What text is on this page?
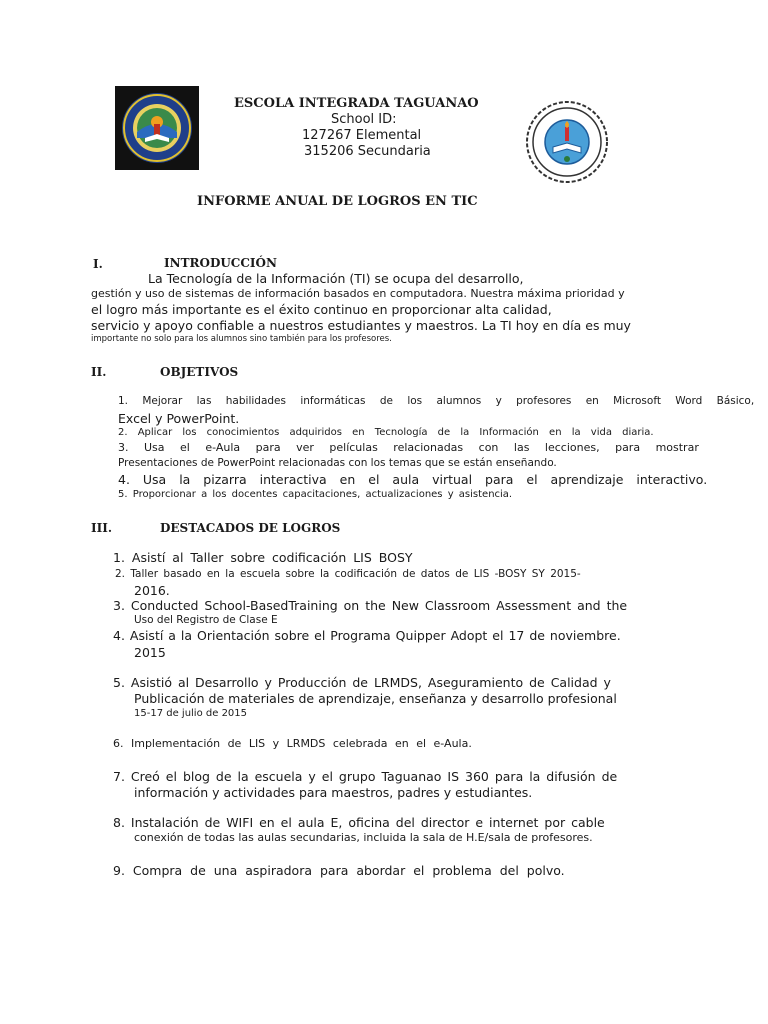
ESCOLA INTEGRADA TAGUANAO
School ID:
127267 Elemental
315206 Secundaria
INFORME ANUAL DE LOGROS EN TIC
I.	INTRODUCCIÓN
La Tecnología de la Información (TI) se ocupa del desarrollo,
gestión y uso de sistemas de información basados en computadora. Nuestra máxima prioridad y
el logro más importante es el éxito continuo en proporcionar alta calidad,
servicio y apoyo confiable a nuestros estudiantes y maestros. La TI hoy en día es muy
importante no solo para los alumnos sino también para los profesores.
II.	OBJETIVOS
1. Mejorar las habilidades informáticas de los alumnos y profesores en Microsoft Word Básico,
Excel y PowerPoint.
2. Aplicar los conocimientos adquiridos en Tecnología de la Información en la vida diaria.
3. Usa el e-Aula para ver películas relacionadas con las lecciones, para mostrar
Presentaciones de PowerPoint relacionadas con los temas que se están enseñando.
4. Usa la pizarra interactiva en el aula virtual para el aprendizaje interactivo.
5. Proporcionar a los docentes capacitaciones, actualizaciones y asistencia.
III.	DESTACADOS DE LOGROS
1. Asistí al Taller sobre codificación LIS BOSY
2. Taller basado en la escuela sobre la codificación de datos de LIS -BOSY SY 2015-
2016.
3. Conducted School-BasedTraining on the New Classroom Assessment and the
Uso del Registro de Clase E
4. Asistí a la Orientación sobre el Programa Quipper Adopt el 17 de noviembre.
2015
5. Asistió al Desarrollo y Producción de LRMDS, Aseguramiento de Calidad y
Publicación de materiales de aprendizaje, enseñanza y desarrollo profesional
15-17 de julio de 2015
6. Implementación de LIS y LRMDS celebrada en el e-Aula.
7. Creó el blog de la escuela y el grupo Taguanao IS 360 para la difusión de
información y actividades para maestros, padres y estudiantes.
8. Instalación de WIFI en el aula E, oficina del director e internet por cable
conexión de todas las aulas secundarias, incluida la sala de H.E/sala de profesores.
9. Compra de una aspiradora para abordar el problema del polvo.
